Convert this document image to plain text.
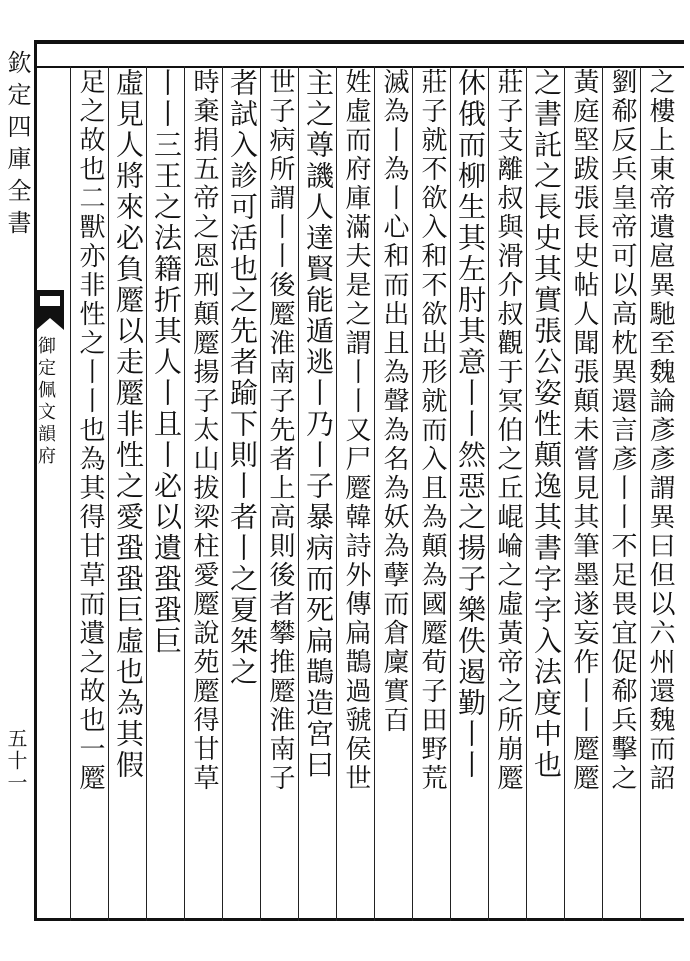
欽定四庫全書
御定佩文韻府
五十一	之樓上東帝遺扈異馳至魏論彥彥謂異曰但以六州還魏而詔
劉郗反兵皇帝可以高枕異還言彥丨丨不足畏宜促郗兵擊之
黃庭堅跋張長史帖人聞張顛未嘗見其筆墨遂妄作丨丨蹷蹷
之書託之長史其實張公姿性顛逸其書字字入法度中也
莊子支離叔與滑介叔觀于冥伯之丘崐崘之虛黃帝之所崩蹷
休俄而柳生其左肘其意丨丨然惡之揚子樂佚遏勤丨丨
莊子就不欲入和不欲出形就而入且為顛為國蹷荀子田野荒
滅為丨為丨心和而出且為聲為名為妖為孽而倉廩實百
姓虛而府庫滿夫是之謂丨丨又尸蹷韓詩外傳扁鵲過虢侯世
主之尊譏人達賢能遁逃丨乃丨子暴病而死扁鵲造宮曰
世子病所謂丨丨後蹷淮南子先者上高則後者攀推蹷淮南子
者試入診可活也之先者踰下則丨者丨之夏桀之
時棄捐五帝之恩刑顛蹷揚子太山拔梁柱愛蹷說苑蹷得甘草
丨丨三王之法籍折其人丨且丨必以遺蛩蛩巨
虛見人將來必負蹷以走蹷非性之愛蛩蛩巨虛也為其假
足之故也二獸亦非性之丨丨也為其得甘草而遺之故也一蹷
